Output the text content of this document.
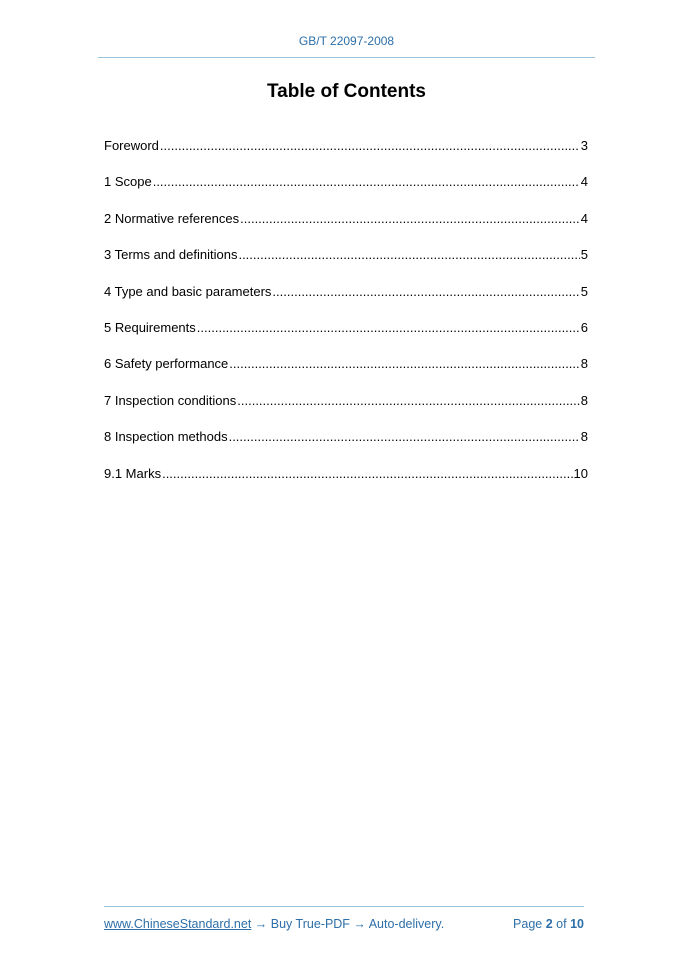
GB/T 22097-2008
Table of Contents
Foreword .....	3
1 Scope .....	4
2 Normative references .....	4
3 Terms and definitions .....	5
4 Type and basic parameters .....	5
5 Requirements .....	6
6 Safety performance .....	8
7 Inspection conditions .....	8
8 Inspection methods .....	8
9.1 Marks .....	10
www.ChineseStandard.net → Buy True-PDF → Auto-delivery.	Page 2 of 10
